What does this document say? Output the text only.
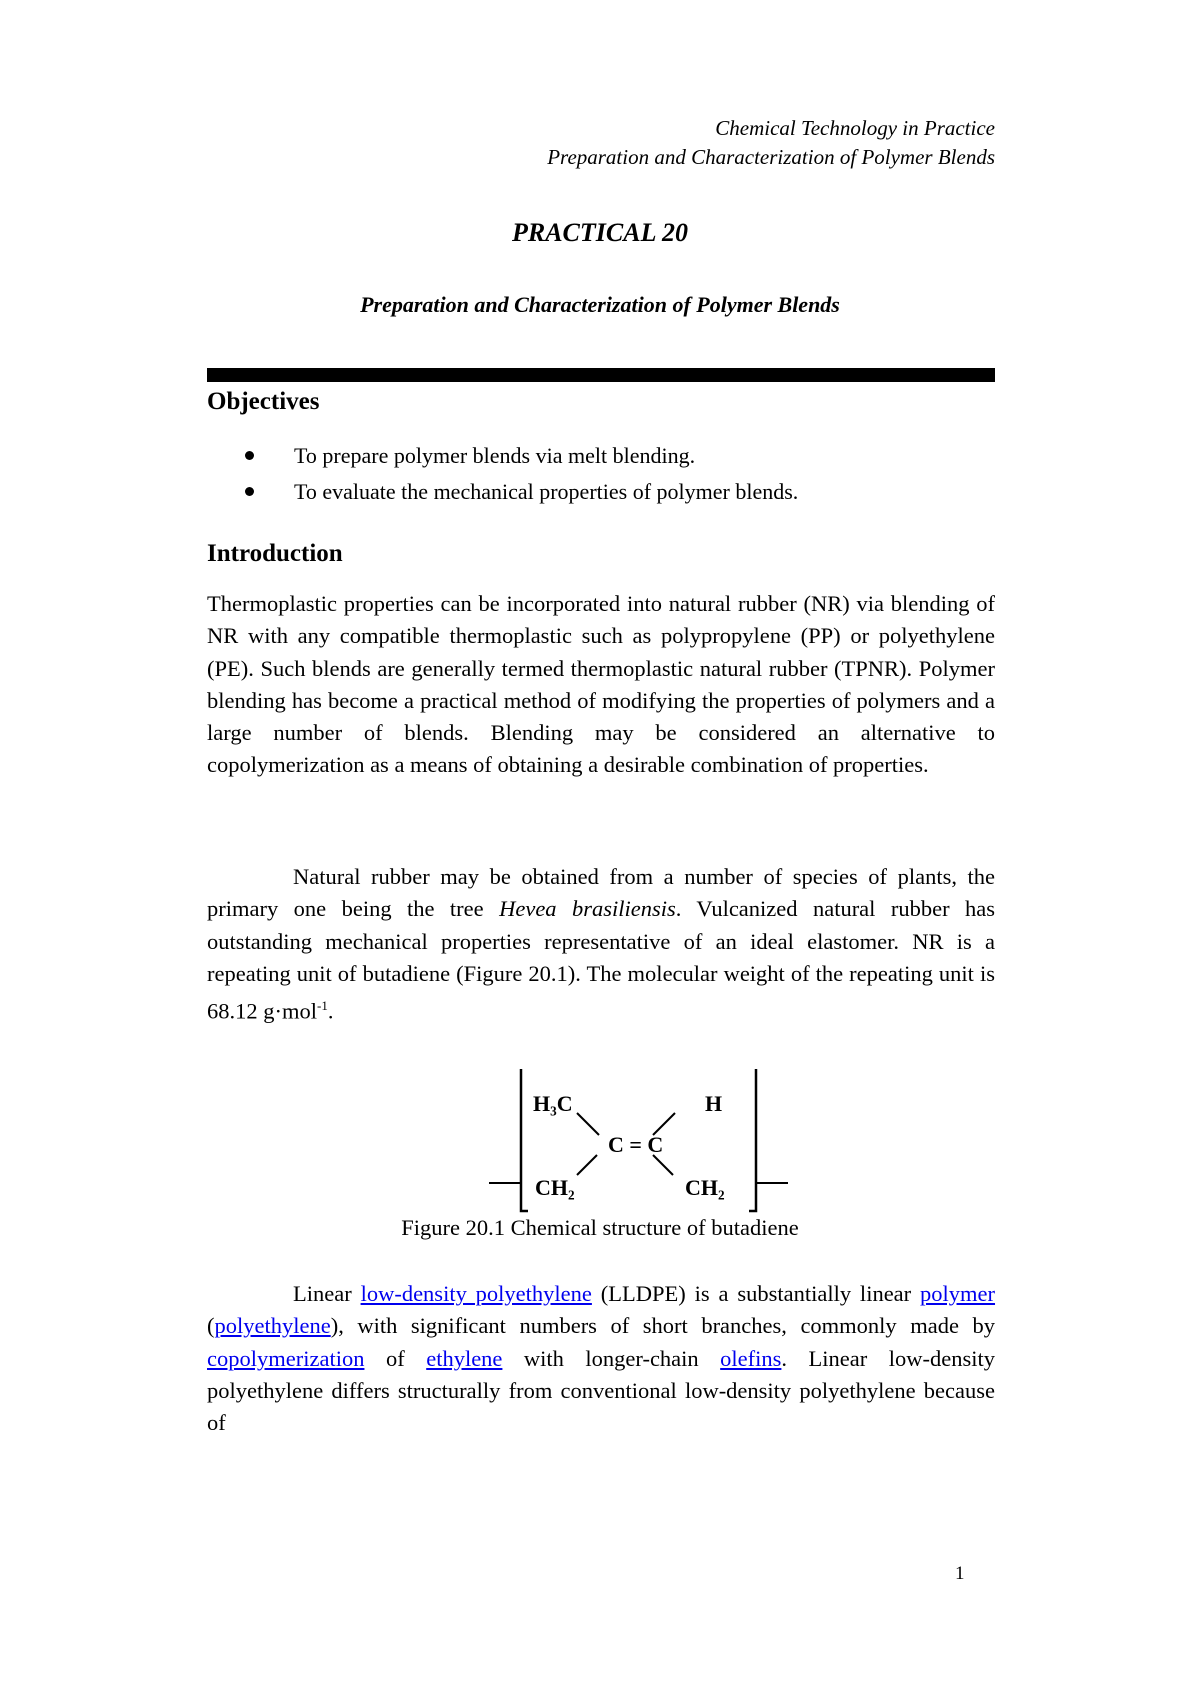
Chemical Technology in Practice
Preparation and Characterization of Polymer Blends
PRACTICAL 20
Preparation and Characterization of Polymer Blends
Objectives
To prepare polymer blends via melt blending.
To evaluate the mechanical properties of polymer blends.
Introduction

Thermoplastic properties can be incorporated into natural rubber (NR) via blending of NR with any compatible thermoplastic such as polypropylene (PP) or polyethylene (PE). Such blends are generally termed thermoplastic natural rubber (TPNR). Polymer blending has become a practical method of modifying the properties of polymers and a large number of blends. Blending may be considered an alternative to copolymerization as a means of obtaining a desirable combination of properties.

Natural rubber may be obtained from a number of species of plants, the primary one being the tree Hevea brasiliensis. Vulcanized natural rubber has outstanding mechanical properties representative of an ideal elastomer. NR is a repeating unit of butadiene (Figure 20.1). The molecular weight of the repeating unit is 68.12 g·mol$^{-1}$.

H₃C	H
C = C
CH₂	CH₂
Figure 20.1 Chemical structure of butadiene

Linear low-density polyethylene (LLDPE) is a substantially linear polymer (polyethylene), with significant numbers of short branches, commonly made by copolymerization of ethylene with longer-chain olefins. Linear low-density polyethylene differs structurally from conventional low-density polyethylene because of

1
